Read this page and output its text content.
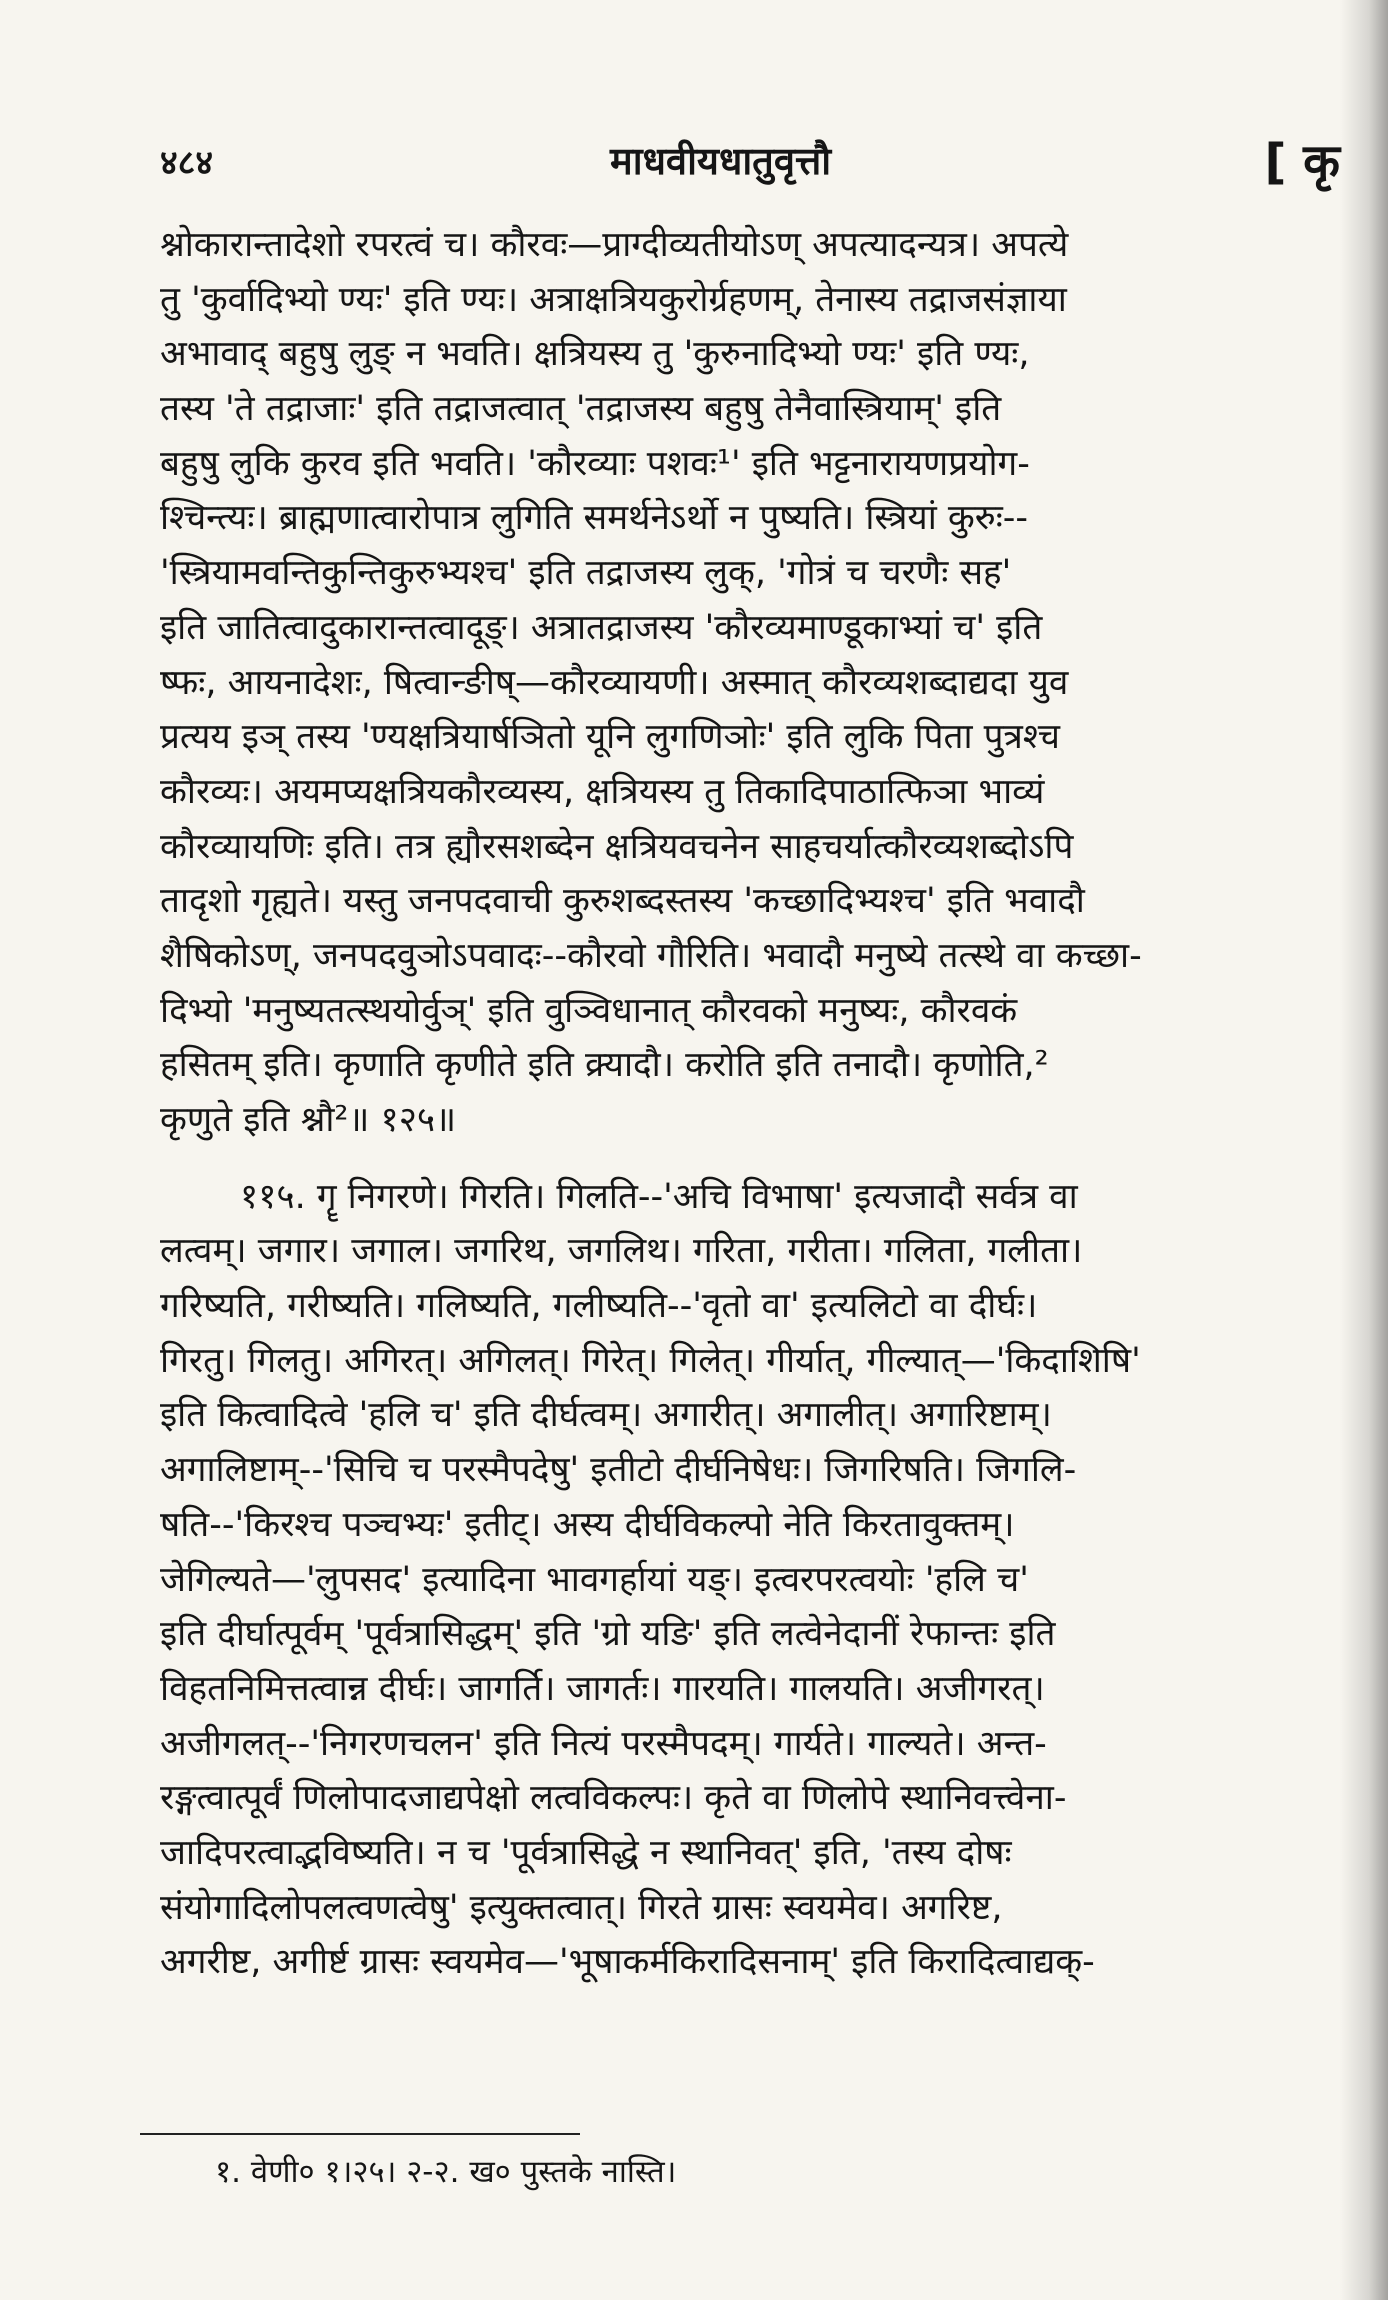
४८४	माधवीयधातुवृत्तौ	[ कृ
श्नोकारान्तादेशो रपरत्वं च। कौरवः—प्राग्दीव्यतीयोऽण् अपत्यादन्यत्र। अपत्ये
तु 'कुर्वादिभ्यो ण्यः' इति ण्यः। अत्राक्षत्रियकुरोर्ग्रहणम्, तेनास्य तद्राजसंज्ञाया
अभावाद् बहुषु लुङ् न भवति। क्षत्रियस्य तु 'कुरुनादिभ्यो ण्यः' इति ण्यः,
तस्य 'ते तद्राजाः' इति तद्राजत्वात् 'तद्राजस्य बहुषु तेनैवास्त्रियाम्' इति
बहुषु लुकि कुरव इति भवति। 'कौरव्याः पशवः¹' इति भट्टनारायणप्रयोग-
श्चिन्त्यः। ब्राह्मणात्वारोपात्र लुगिति समर्थनेऽर्थो न पुष्यति। स्त्रियां कुरुः--
'स्त्रियामवन्तिकुन्तिकुरुभ्यश्च' इति तद्राजस्य लुक्, 'गोत्रं च चरणैः सह'
इति जातित्वादुकारान्तत्वादूङ्। अत्रातद्राजस्य 'कौरव्यमाण्डूकाभ्यां च' इति
ष्फः, आयनादेशः, षित्वान्ङीष्—कौरव्यायणी। अस्मात् कौरव्यशब्दाद्यदा युव
प्रत्यय इञ् तस्य 'ण्यक्षत्रियार्षञितो यूनि लुगणिञोः' इति लुकि पिता पुत्रश्च
कौरव्यः। अयमप्यक्षत्रियकौरव्यस्य, क्षत्रियस्य तु तिकादिपाठात्फिञा भाव्यं
कौरव्यायणिः इति। तत्र ह्यौरसशब्देन क्षत्रियवचनेन साहचर्यात्कौरव्यशब्दोऽपि
तादृशो गृह्यते। यस्तु जनपदवाची कुरुशब्दस्तस्य 'कच्छादिभ्यश्च' इति भवादौ
शैषिकोऽण्, जनपदवुञोऽपवादः--कौरवो गौरिति। भवादौ मनुष्ये तत्स्थे वा कच्छा-
दिभ्यो 'मनुष्यतत्स्थयोर्वुञ्' इति वुञ्विधानात् कौरवको मनुष्यः, कौरवकं
हसितम् इति। कृणाति कृणीते इति क्र्यादौ। करोति इति तनादौ। कृणोति,²
कृणुते इति श्नौ²॥ १२५॥
११५. गॄ निगरणे। गिरति। गिलति--'अचि विभाषा' इत्यजादौ सर्वत्र वा
लत्वम्। जगार। जगाल। जगरिथ, जगलिथ। गरिता, गरीता। गलिता, गलीता।
गरिष्यति, गरीष्यति। गलिष्यति, गलीष्यति--'वृतो वा' इत्यलिटो वा दीर्घः।
गिरतु। गिलतु। अगिरत्। अगिलत्। गिरेत्। गिलेत्। गीर्यात्, गील्यात्—'किदाशिषि'
इति कित्वादित्वे 'हलि च' इति दीर्घत्वम्। अगारीत्। अगालीत्। अगारिष्टाम्।
अगालिष्टाम्--'सिचि च परस्मैपदेषु' इतीटो दीर्घनिषेधः। जिगरिषति। जिगलि-
षति--'किरश्च पञ्चभ्यः' इतीट्। अस्य दीर्घविकल्पो नेति किरतावुक्तम्।
जेगिल्यते—'लुपसद' इत्यादिना भावगर्हायां यङ्। इत्वरपरत्वयोः 'हलि च'
इति दीर्घात्पूर्वम् 'पूर्वत्रासिद्धम्' इति 'ग्रो यङि' इति लत्वेनेदानीं रेफान्तः इति
विहतनिमित्तत्वान्न दीर्घः। जागर्ति। जागर्तः। गारयति। गालयति। अजीगरत्।
अजीगलत्--'निगरणचलन' इति नित्यं परस्मैपदम्। गार्यते। गाल्यते। अन्त-
रङ्गत्वात्पूर्वं णिलोपादजाद्यपेक्षो लत्वविकल्पः। कृते वा णिलोपे स्थानिवत्त्वेना-
जादिपरत्वाद्भविष्यति। न च 'पूर्वत्रासिद्धे न स्थानिवत्' इति, 'तस्य दोषः
संयोगादिलोपलत्वणत्वेषु' इत्युक्तत्वात्। गिरते ग्रासः स्वयमेव। अगरिष्ट,
अगरीष्ट, अगीर्ष्ट ग्रासः स्वयमेव—'भूषाकर्मकिरादिसनाम्' इति किरादित्वाद्यक्-
१. वेणी० १।२५। २-२. ख० पुस्तके नास्ति।
